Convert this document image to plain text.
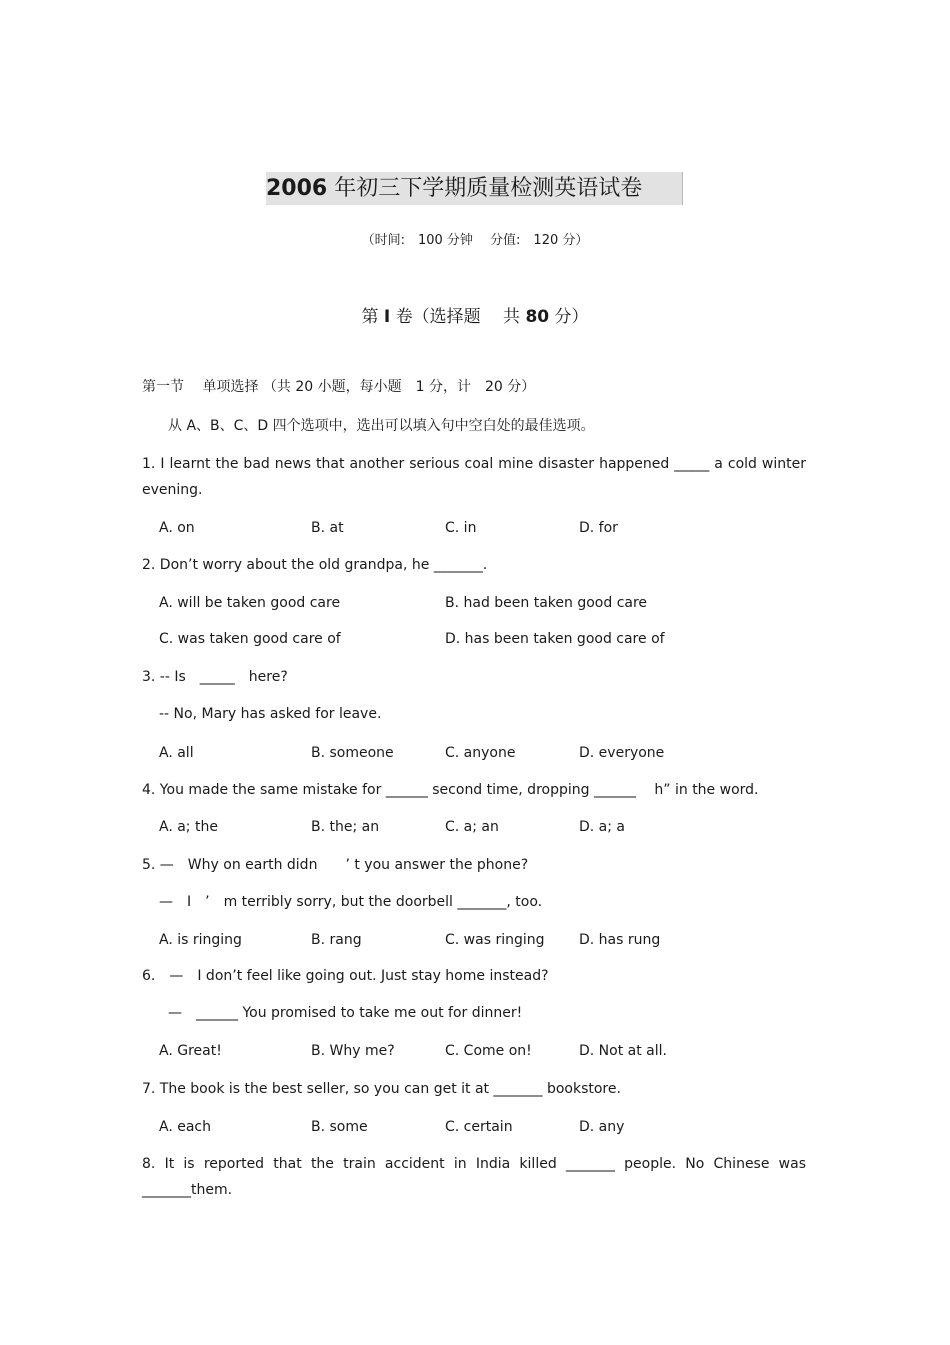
2006 年初三下学期质量检测英语试卷
（时间:　100 分钟　 分值:　120 分）
第 I 卷（选择题　 共 80 分）
第一节　 单项选择 （共 20 小题，每小题　1 分，计　20 分）
从 A、B、C、D 四个选项中，选出可以填入句中空白处的最佳选项。
1. I learnt the bad news that another serious coal mine disaster happened _____ a cold winter evening.
A. on	B. at	C. in	D. for
2. Don’t worry about the old grandpa, he _______.
A. will be taken good care	B. had been taken good care
C. was taken good care of	D. has been taken good care of
3. -- Is　_____　here?
-- No, Mary has asked for leave.
A. all	B. someone	C. anyone	D. everyone
4. You made the same mistake for ______ second time, dropping ______　 h” in the word.
A. a; the	B. the; an	C. a; an	D. a; a
5. —　Why on earth didn　　’ t you answer the phone?
—　I　’　m terribly sorry, but the doorbell _______, too.
A. is ringing	B. rang	C. was ringing D. has rung
6.　—　I don’t feel like going out. Just stay home instead?
—　______ You promised to take me out for dinner!
A. Great!	B. Why me?	C. Come on!	D. Not at all.
7. The book is the best seller, so you can get it at _______ bookstore.
A. each	B. some	C. certain	D. any
8. It is reported that the train accident in India killed _______ people. No Chinese was _______them.
